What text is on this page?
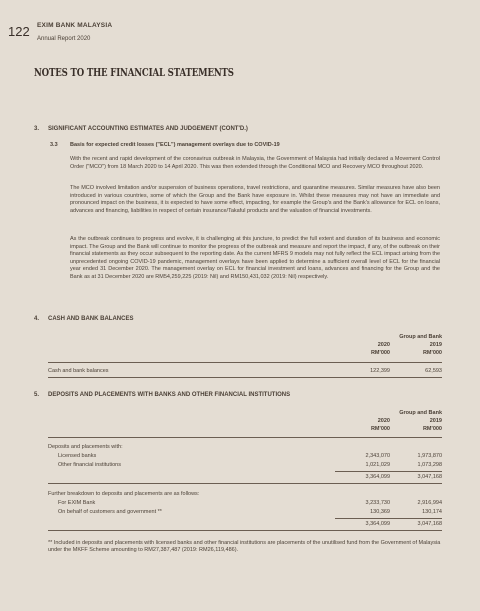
122 EXIM BANK MALAYSIA
Annual Report 2020
NOTES TO THE FINANCIAL STATEMENTS
3. SIGNIFICANT ACCOUNTING ESTIMATES AND JUDGEMENT (CONT'D.)
3.3 Basis for expected credit losses ("ECL") management overlays due to COVID-19

With the recent and rapid development of the coronavirus outbreak in Malaysia, the Government of Malaysia had initially declared a Movement Control Order ("MCO") from 18 March 2020 to 14 April 2020. This was then extended through the Conditional MCO and Recovery MCO throughout 2020.

The MCO involved limitation and/or suspension of business operations, travel restrictions, and quarantine measures. Similar measures have also been introduced in various countries, some of which the Group and the Bank have exposure in. Whilst these measures may not have an immediate and pronounced impact on the business, it is expected to have some effect, impacting, for example the Group's and the Bank's allowance for ECL on loans, advances and financing, liabilities in respect of certain insurance/Takaful products and the valuation of financial investments.

As the outbreak continues to progress and evolve, it is challenging at this juncture, to predict the full extent and duration of its business and economic impact. The Group and the Bank will continue to monitor the progress of the outbreak and measure and report the impact, if any, of the outbreak on their financial statements as they occur subsequent to the reporting date. As the current MFRS 9 models may not fully reflect the ECL impact arising from the unprecedented ongoing COVID-19 pandemic, management overlays have been applied to determine a sufficient overall level of ECL for the financial year ended 31 December 2020. The management overlay on ECL for financial investment and loans, advances and financing for the Group and the Bank as at 31 December 2020 are RM54,259,225 (2019: Nil) and RM150,431,032 (2019: Nil) respectively.

4. CASH AND BANK BALANCES
Group and Bank
2020	2019
RM'000	RM'000
Cash and bank balances	122,399	62,593
5. DEPOSITS AND PLACEMENTS WITH BANKS AND OTHER FINANCIAL INSTITUTIONS
Group and Bank
2020	2019
RM'000	RM'000
Deposits and placements with:
Licensed banks	2,343,070	1,973,870
Other financial institutions	1,021,029	1,073,298
3,364,099	3,047,168
Further breakdown to deposits and placements are as follows:
For EXIM Bank	3,233,730	2,916,994
On behalf of customers and government **	130,369	130,174
3,364,099	3,047,168
** Included in deposits and placements with licensed banks and other financial institutions are placements of the unutilised fund from the Government of Malaysia under the MKFF Scheme amounting to RM27,387,487 (2019: RM26,119,486).
